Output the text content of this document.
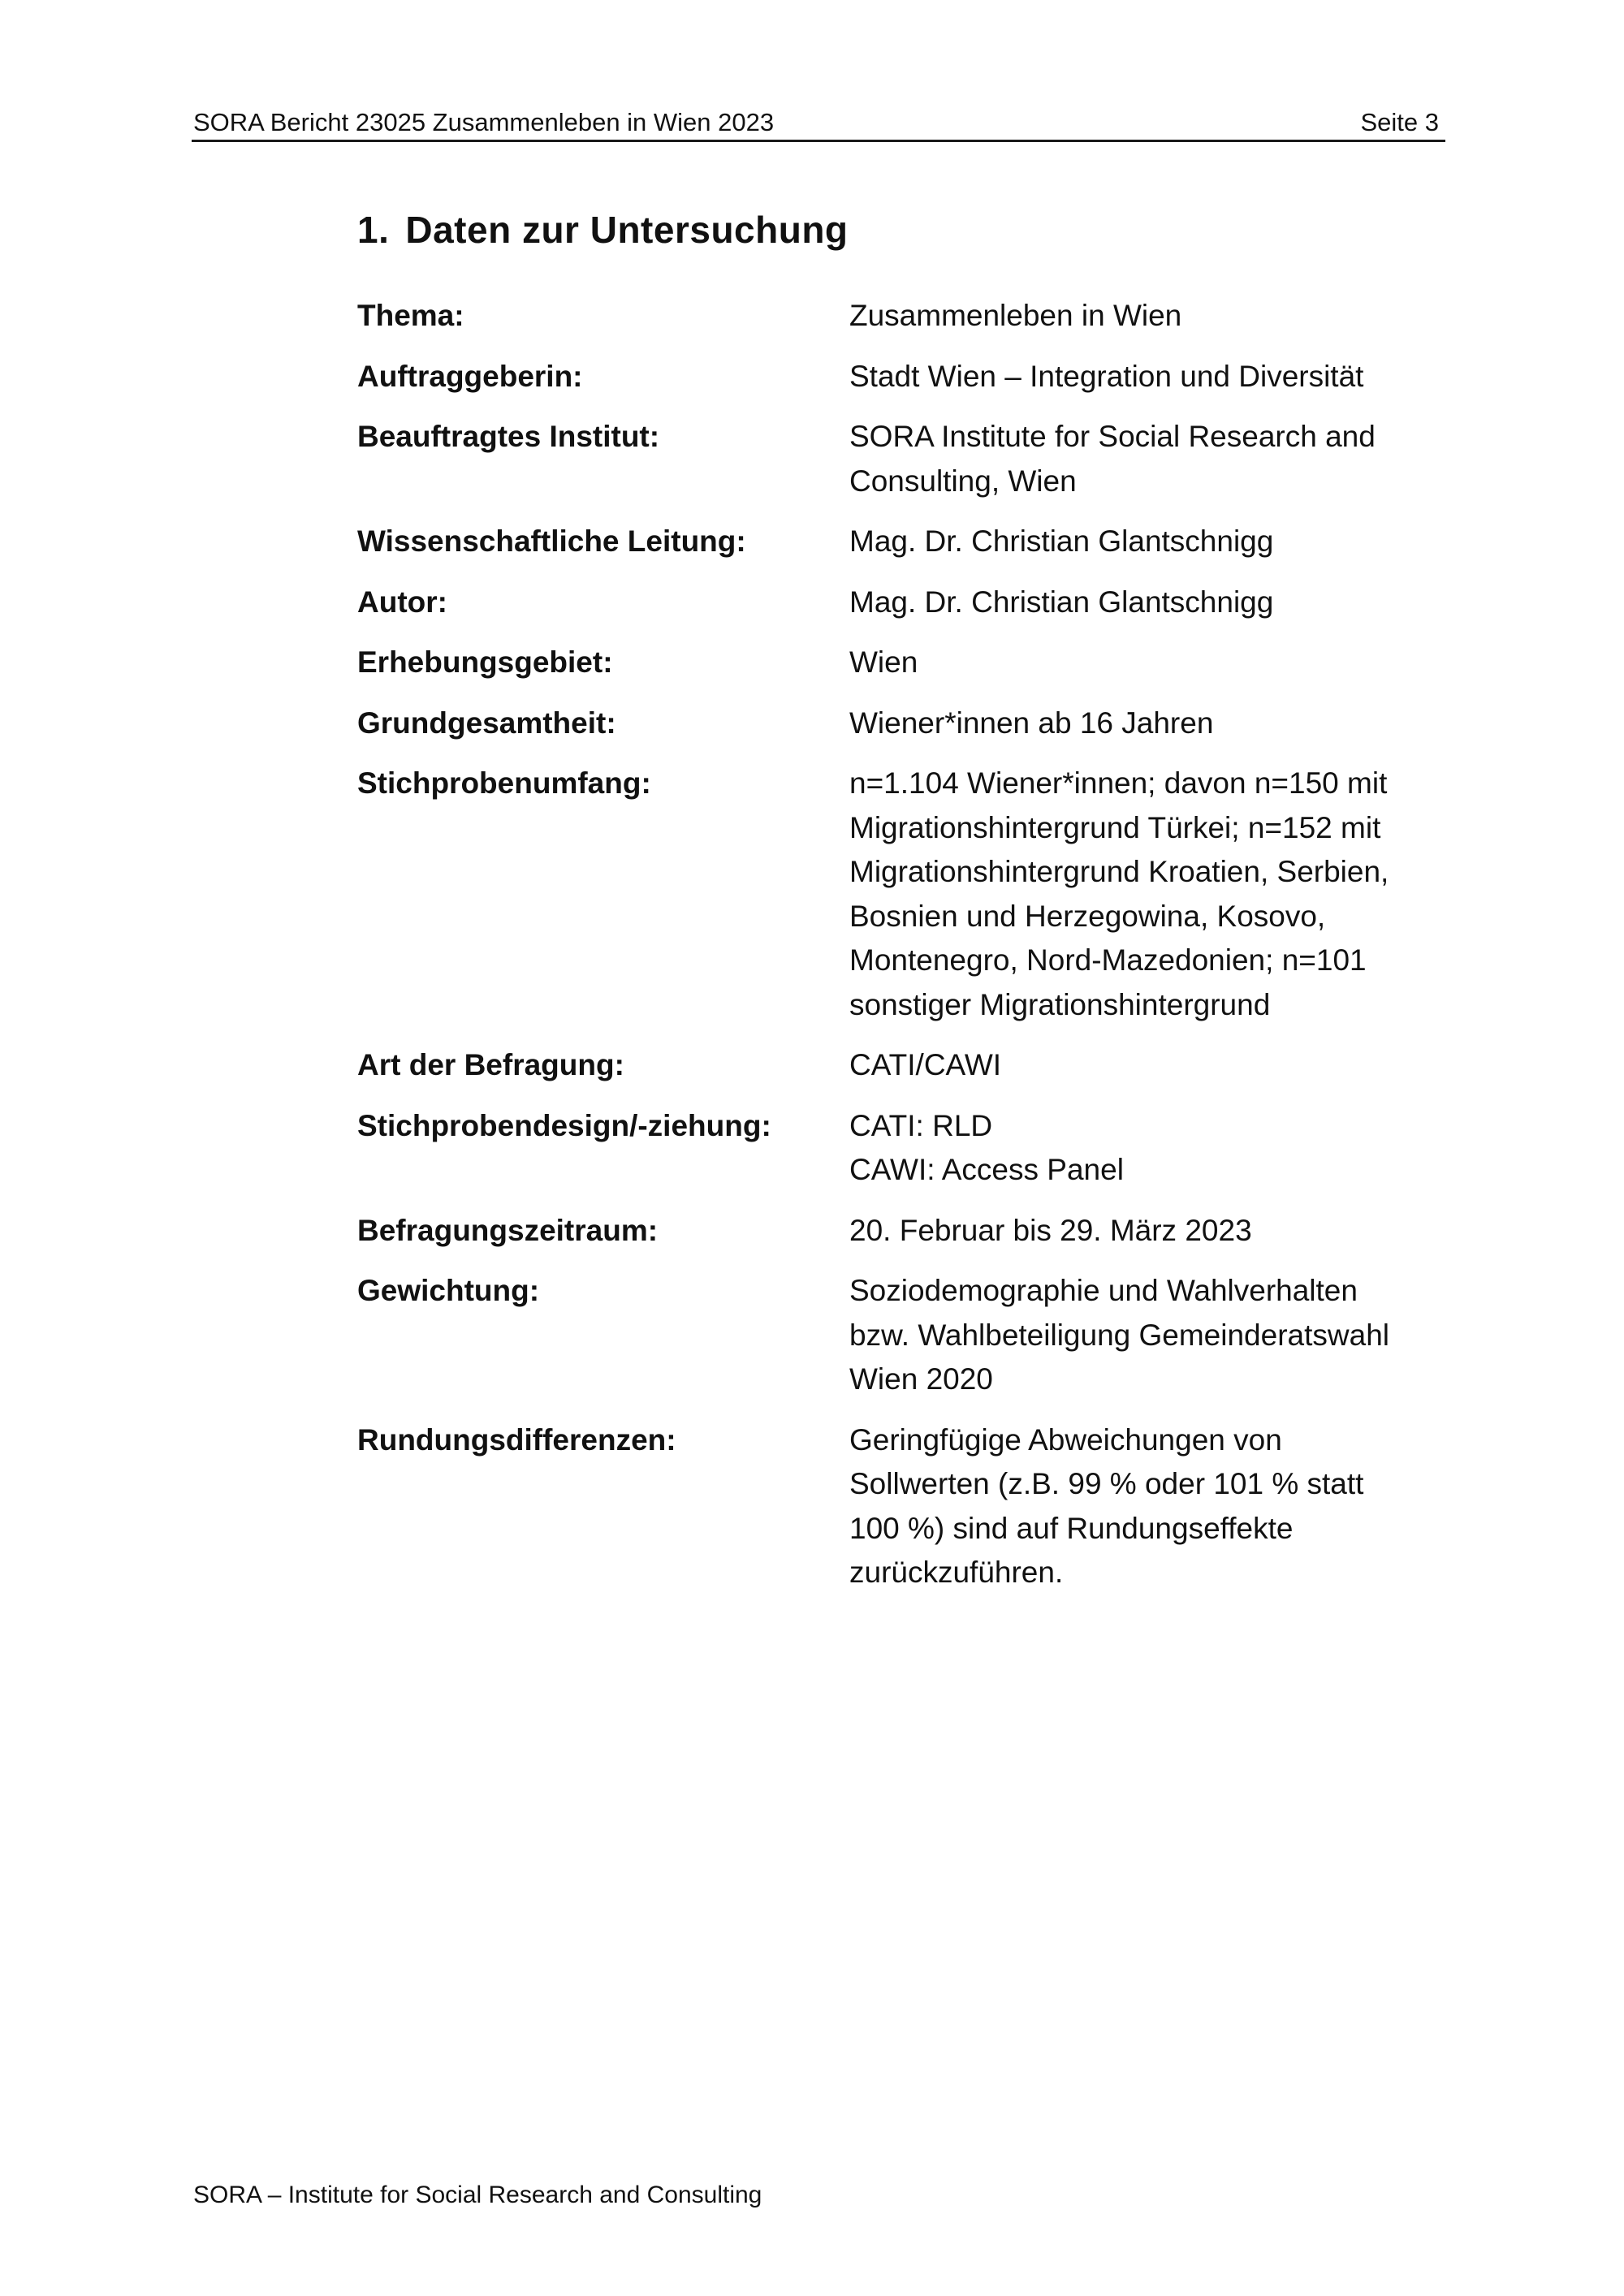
SORA Bericht 23025 Zusammenleben in Wien 2023	Seite 3
1. Daten zur Untersuchung
Thema:	Zusammenleben in Wien
Auftraggeberin:	Stadt Wien – Integration und Diversität
Beauftragtes Institut:	SORA Institute for Social Research and
Consulting, Wien
Wissenschaftliche Leitung:	Mag. Dr. Christian Glantschnigg
Autor:	Mag. Dr. Christian Glantschnigg
Erhebungsgebiet:	Wien
Grundgesamtheit:	Wiener*innen ab 16 Jahren
Stichprobenumfang:	n=1.104 Wiener*innen; davon n=150 mit
Migrationshintergrund Türkei; n=152 mit
Migrationshintergrund Kroatien, Serbien,
Bosnien und Herzegowina, Kosovo,
Montenegro, Nord-Mazedonien; n=101
sonstiger Migrationshintergrund
Art der Befragung:	CATI/CAWI
Stichprobendesign/-ziehung:	CATI: RLD
CAWI: Access Panel
Befragungszeitraum:	20. Februar bis 29. März 2023
Gewichtung:	Soziodemographie und Wahlverhalten
bzw. Wahlbeteiligung Gemeinderatswahl
Wien 2020
Rundungsdifferenzen:	Geringfügige Abweichungen von
Sollwerten (z.B. 99 % oder 101 % statt
100 %) sind auf Rundungseffekte
zurückzuführen.
SORA – Institute for Social Research and Consulting
